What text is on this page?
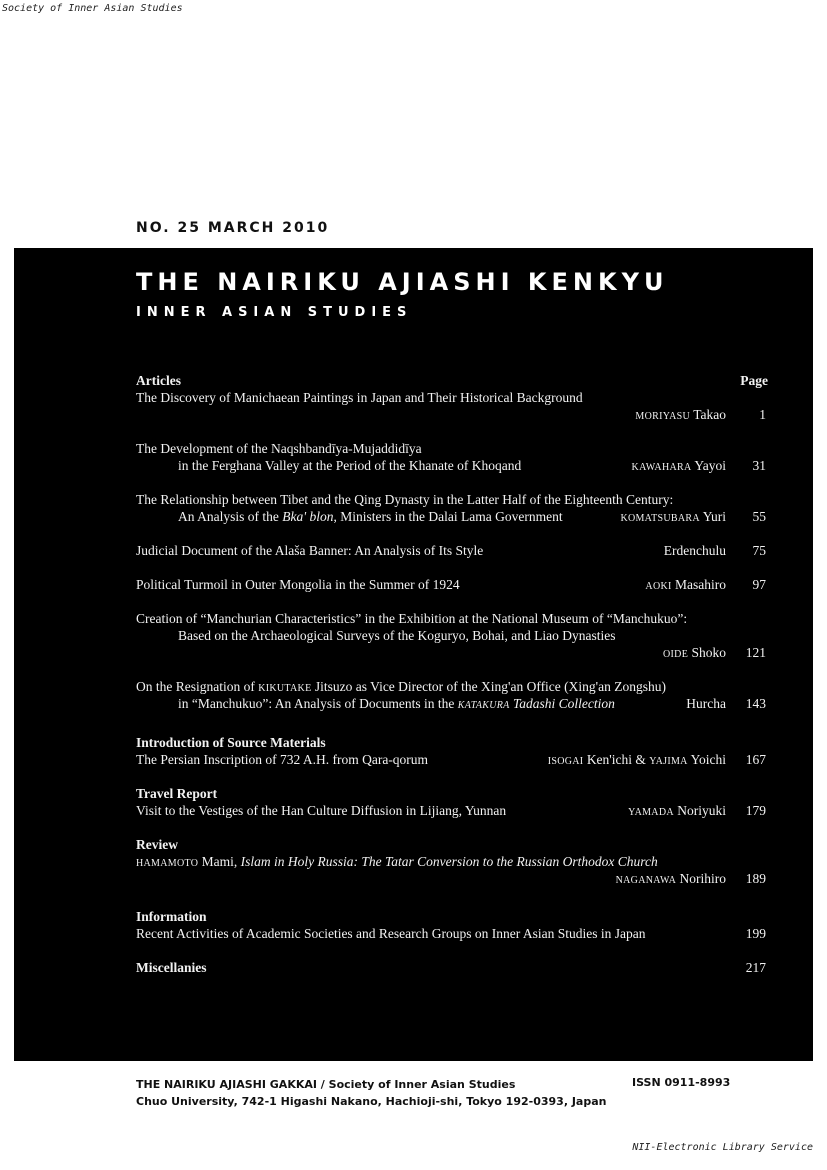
Society of Inner Asian Studies
NO. 25 MARCH 2010
THE NAIRIKU AJIASHI KENKYU
INNER ASIAN STUDIES
Page
Articles
The Discovery of Manichaean Paintings in Japan and Their Historical Background
MORIYASU Takao 1
The Development of the Naqshbandīya-Mujaddidīya
in the Ferghana Valley at the Period of the Khanate of Khoqand	KAWAHARA Yayoi 31
The Relationship between Tibet and the Qing Dynasty in the Latter Half of the Eighteenth Century:
An Analysis of the Bka' blon, Ministers in the Dalai Lama Government	KOMATSUBARA Yuri 55
Judicial Document of the Alaša Banner: An Analysis of Its Style	Erdenchulu 75
Political Turmoil in Outer Mongolia in the Summer of 1924	AOKI Masahiro 97
Creation of “Manchurian Characteristics” in the Exhibition at the National Museum of “Manchukuo”:
Based on the Archaeological Surveys of the Koguryo, Bohai, and Liao Dynasties
OIDE Shoko 121
On the Resignation of KIKUTAKE Jitsuzo as Vice Director of the Xing'an Office (Xing'an Zongshu)
in “Manchukuo”: An Analysis of Documents in the KATAKURA Tadashi Collection	Hurcha 143
Introduction of Source Materials
The Persian Inscription of 732 A.H. from Qara-qorum	ISOGAI Ken'ichi & YAJIMA Yoichi 167
Travel Report
Visit to the Vestiges of the Han Culture Diffusion in Lijiang, Yunnan	YAMADA Noriyuki 179
Review
HAMAMOTO Mami, Islam in Holy Russia: The Tatar Conversion to the Russian Orthodox Church
NAGANAWA Norihiro 189
Information
Recent Activities of Academic Societies and Research Groups on Inner Asian Studies in Japan	199
Miscellanies	217
THE NAIRIKU AJIASHI GAKKAI / Society of Inner Asian Studies
Chuo University, 742-1 Higashi Nakano, Hachioji-shi, Tokyo 192-0393, Japan
ISSN 0911-8993
NII-Electronic Library Service
